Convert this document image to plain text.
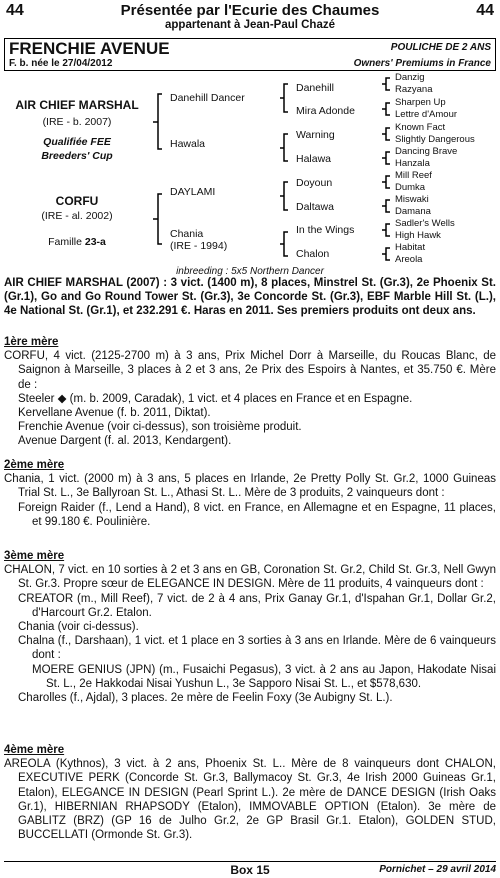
44	Présentée par l'Ecurie des Chaumes	44
appartenant à Jean-Paul Chazé
FRENCHIE AVENUE	POULICHE DE 2 ANS
F. b. née le 27/04/2012	Owners' Premiums in France
AIR CHIEF MARSHAL
(IRE - b. 2007)
Qualifiée FEE
Breeders' Cup
CORFU
(IRE - al. 2002)
Famille 23-a
Danehill Dancer
Hawala
DAYLAMI
Chania
(IRE - 1994)
Danehill
Mira Adonde
Warning
Halawa
Doyoun
Daltawa
In the Wings
Chalon
Danzig
Razyana
Sharpen Up
Lettre d'Amour
Known Fact
Slightly Dangerous
Dancing Brave
Hanzala
Mill Reef
Dumka
Miswaki
Damana
Sadler's Wells
High Hawk
Habitat
Areola
inbreeding : 5x5 Northern Dancer
AIR CHIEF MARSHAL (2007) : 3 vict. (1400 m), 8 places, Minstrel St. (Gr.3), 2e Phoenix St. (Gr.1), Go and Go Round Tower St. (Gr.3), 3e Concorde St. (Gr.3), EBF Marble Hill St. (L.), 4e National St. (Gr.1), et 232.291 €. Haras en 2011. Ses premiers produits ont deux ans.
1ère mère
CORFU, 4 vict. (2125-2700 m) à 3 ans, Prix Michel Dorr à Marseille, du Roucas Blanc, de Saignon à Marseille, 3 places à 2 et 3 ans, 2e Prix des Espoirs à Nantes, et 35.750 €. Mère de :
Steeler ◆ (m. b. 2009, Caradak), 1 vict. et 4 places en France et en Espagne.
Kervellane Avenue (f. b. 2011, Diktat).
Frenchie Avenue (voir ci-dessus), son troisième produit.
Avenue Dargent (f. al. 2013, Kendargent).
2ème mère
Chania, 1 vict. (2000 m) à 3 ans, 5 places en Irlande, 2e Pretty Polly St. Gr.2, 1000 Guineas Trial St. L., 3e Ballyroan St. L., Athasi St. L.. Mère de 3 produits, 2 vainqueurs dont :
Foreign Raider (f., Lend a Hand), 8 vict. en France, en Allemagne et en Espagne, 11 places, et 99.180 €. Poulinière.
3ème mère
CHALON, 7 vict. en 10 sorties à 2 et 3 ans en GB, Coronation St. Gr.2, Child St. Gr.3, Nell Gwyn St. Gr.3. Propre sœur de ELEGANCE IN DESIGN. Mère de 11 produits, 4 vainqueurs dont :
CREATOR (m., Mill Reef), 7 vict. de 2 à 4 ans, Prix Ganay Gr.1, d'Ispahan Gr.1, Dollar Gr.2, d'Harcourt Gr.2. Etalon.
Chania (voir ci-dessus).
Chalna (f., Darshaan), 1 vict. et 1 place en 3 sorties à 3 ans en Irlande. Mère de 6 vainqueurs dont :
MOERE GENIUS (JPN) (m., Fusaichi Pegasus), 3 vict. à 2 ans au Japon, Hakodate Nisai St. L., 2e Hakkodai Nisai Yushun L., 3e Sapporo Nisai St. L., et $578,630.
Charolles (f., Ajdal), 3 places. 2e mère de Feelin Foxy (3e Aubigny St. L.).
4ème mère
AREOLA (Kythnos), 3 vict. à 2 ans, Phoenix St. L.. Mère de 8 vainqueurs dont CHALON, EXECUTIVE PERK (Concorde St. Gr.3, Ballymacoy St. Gr.3, 4e Irish 2000 Guineas Gr.1, Etalon), ELEGANCE IN DESIGN (Pearl Sprint L.). 2e mère de DANCE DESIGN (Irish Oaks Gr.1), HIBERNIAN RHAPSODY (Etalon), IMMOVABLE OPTION (Etalon). 3e mère de GABLITZ (BRZ) (GP 16 de Julho Gr.2, 2e GP Brasil Gr.1. Etalon), GOLDEN STUD, BUCCELLATI (Ormonde St. Gr.3).
Box 15	Pornichet – 29 avril 2014
